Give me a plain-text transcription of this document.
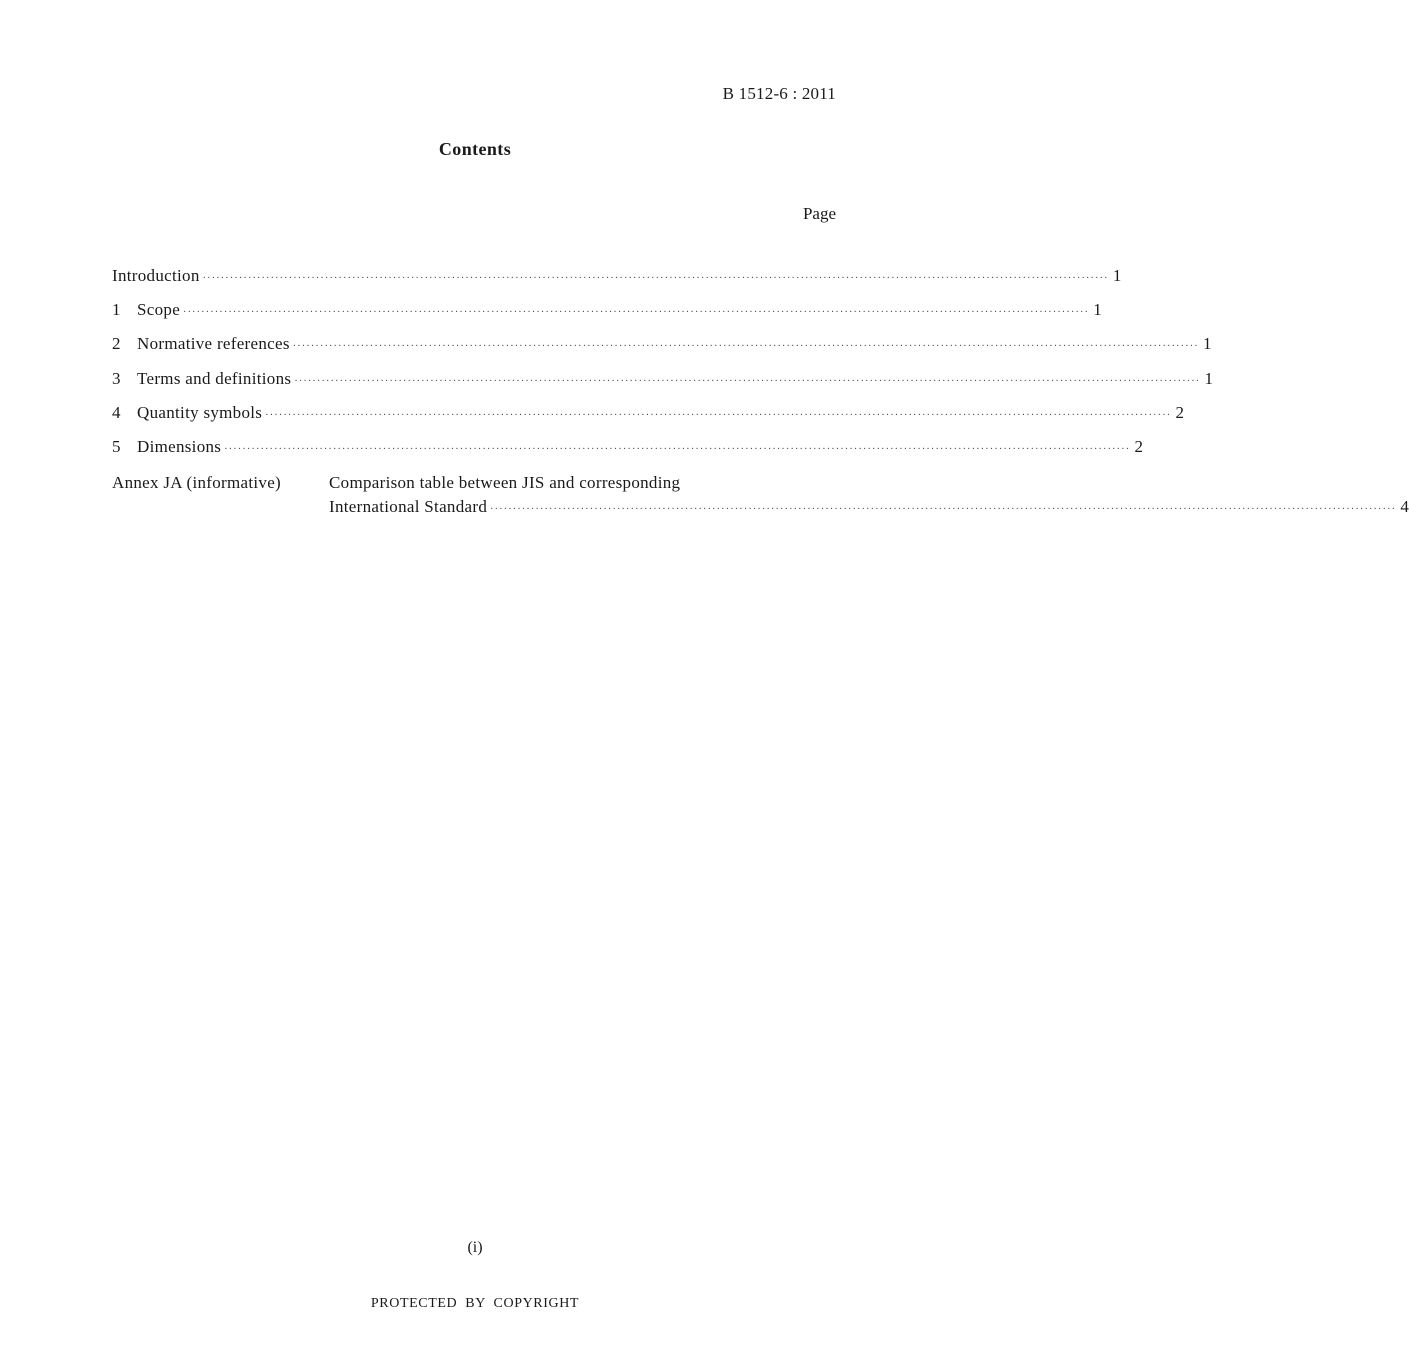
B 1512-6 : 2011
Contents
Page
Introduction ········································································································································································································ 1
1 Scope ········································································································································································································ 1
2 Normative references ········································································································································································································ 1
3 Terms and definitions ········································································································································································································ 1
4 Quantity symbols ········································································································································································································ 2
5 Dimensions ········································································································································································································ 2
Annex JA (informative)	Comparison table between JIS and corresponding
International Standard ········································································································································································································ 4
(i)
PROTECTED BY COPYRIGHT
